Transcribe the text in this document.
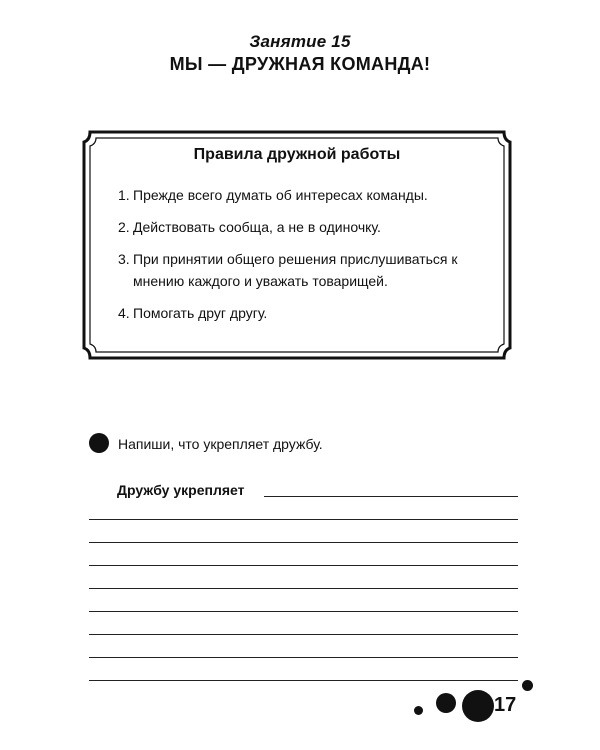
Занятие 15
МЫ — ДРУЖНАЯ КОМАНДА!
Правила дружной работы
1. Прежде всего думать об интересах команды.
2. Действовать сообща, а не в одиночку.
3. При принятии общего решения прислушиваться к мнению каждого и уважать товарищей.
4. Помогать друг другу.
Напиши, что укрепляет дружбу.
Дружбу укрепляет
17
